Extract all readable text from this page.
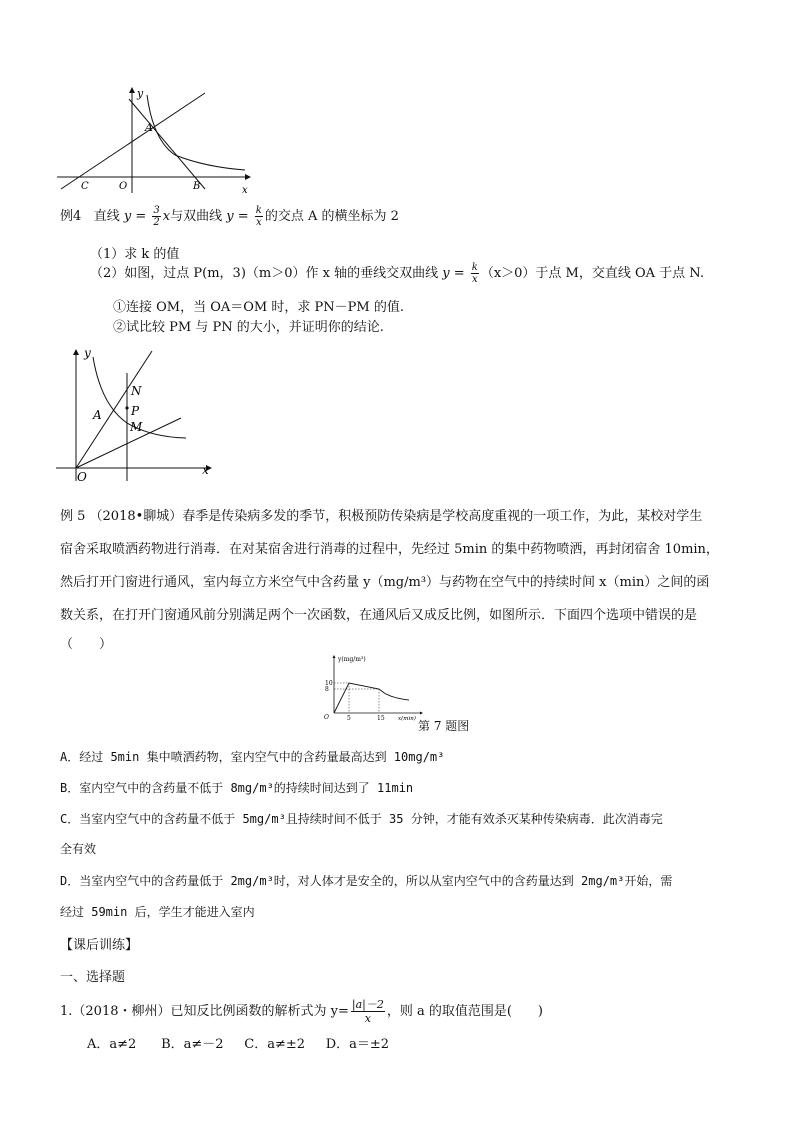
y
A
C	O	B	x
例4 直线 $y = \frac{3}{2}$ x与双曲线 $y = \frac{k}{x}$ 的交点 A 的横坐标为 2
（1）求 k 的值
（2）如图，过点 P(m，3)（m＞0）作 x 轴的垂线交双曲线 $y = \frac{k}{x} (x>0)$于点 M，交直线 OA 于点 N.
①连接 OM，当 OA＝OM 时，求 PN－PM 的值.
②试比较 PM 与 PN 的大小，并证明你的结论.
y
N
A P
M
O	x
例 5 （2018•聊城）春季是传染病多发的季节，积极预防传染病是学校高度重视的一项工作，为此，某校对学生
宿舍采取喷洒药物进行消毒．在对某宿舍进行消毒的过程中，先经过 5min 的集中药物喷洒，再封闭宿舍 10min，
然后打开门窗进行通风，室内每立方米空气中含药量 y（mg/m³）与药物在空气中的持续时间 x（min）之间的函
数关系，在打开门窗通风前分别满足两个一次函数，在通风后又成反比例，如图所示．下面四个选项中错误的是
（　　）
5	15
10
8
y(mg/m³)
x(min)
O
第 7 题图
A．经过 5min 集中喷洒药物，室内空气中的含药量最高达到 10mg/m³
B．室内空气中的含药量不低于 8mg/m³的持续时间达到了 11min
C．当室内空气中的含药量不低于 5mg/m³且持续时间不低于 35 分钟，才能有效杀灭某种传染病毒．此次消毒完
全有效
D．当室内空气中的含药量低于 2mg/m³时，对人体才是安全的，所以从室内空气中的含药量达到 2mg/m³开始，需
经过 59min 后，学生才能进入室内
【课后训练】
一、选择题
1.（2018・柳州）已知反比例函数的解析式为 $y= \frac{|a|-2}{x}$ ，则 a 的取值范围是(　　)
A．a≠2 B．a≠－2 C．a≠±2 D．a＝±2
